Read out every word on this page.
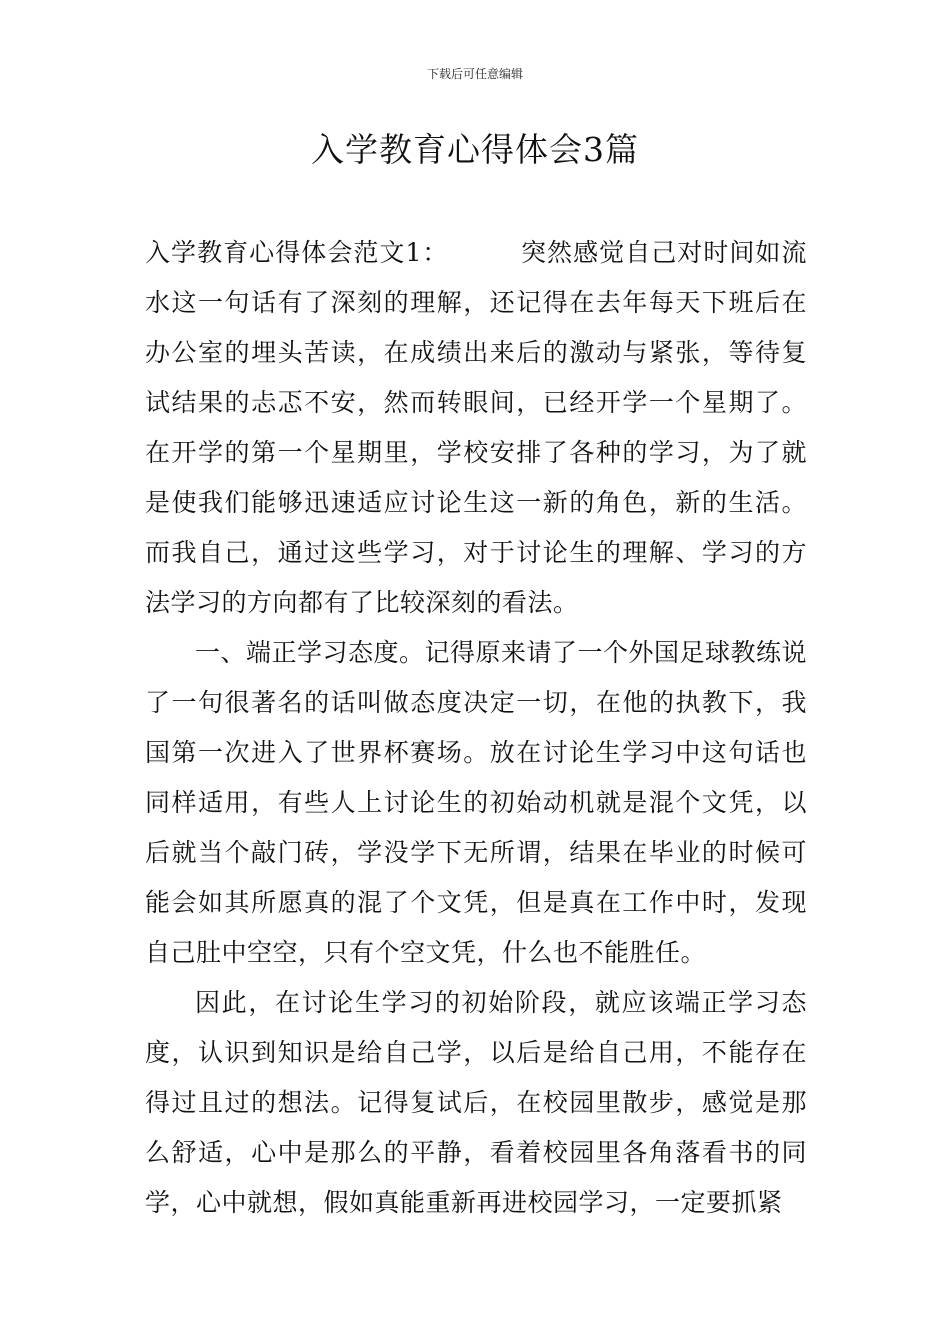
下载后可任意编辑
入学教育心得体会3篇

入学教育心得体会范文1：	突然感觉自己对时间如流水这一句话有了深刻的理解，还记得在去年每天下班后在办公室的埋头苦读，在成绩出来后的激动与紧张，等待复试结果的忐忑不安，然而转眼间，已经开学一个星期了。在开学的第一个星期里，学校安排了各种的学习，为了就是使我们能够迅速适应讨论生这一新的角色，新的生活。而我自己，通过这些学习，对于讨论生的理解、学习的方法学习的方向都有了比较深刻的看法。

一、端正学习态度。记得原来请了一个外国足球教练说了一句很著名的话叫做态度决定一切，在他的执教下，我国第一次进入了世界杯赛场。放在讨论生学习中这句话也同样适用，有些人上讨论生的初始动机就是混个文凭，以后就当个敲门砖，学没学下无所谓，结果在毕业的时候可能会如其所愿真的混了个文凭，但是真在工作中时，发现自己肚中空空，只有个空文凭，什么也不能胜任。

因此，在讨论生学习的初始阶段，就应该端正学习态度，认识到知识是给自己学，以后是给自己用，不能存在得过且过的想法。记得复试后，在校园里散步，感觉是那么舒适，心中是那么的平静，看着校园里各角落看书的同学，心中就想，假如真能重新再进校园学习，一定要抓紧
